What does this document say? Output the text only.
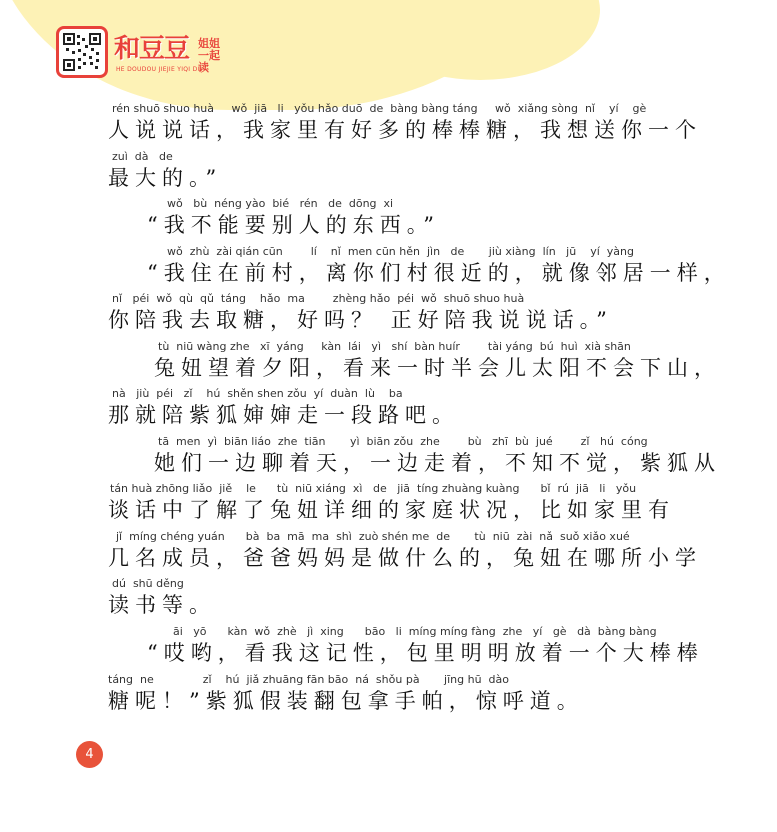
和豆豆 姐姐一起读
HE DOUDOU JIEJIE YIQI DU
rén shuō shuo huà     wǒ  jiā   li   yǒu hǎo duō  de  bàng bàng táng     wǒ  xiǎng sòng  nǐ    yí    gè
人说说话，我家里有好多的棒棒糖，我想送你一个
zuì  dà   de
最大的。”
wǒ   bù  néng yào  bié   rén   de  dōng  xi
“我不能要别人的东西。”
wǒ  zhù  zài qián cūn        lí    nǐ  men cūn hěn  jìn   de       jiù xiàng  lín   jū    yí  yàng
“我住在前村，离你们村很近的，就像邻居一样，
nǐ   péi  wǒ  qù  qǔ  táng    hǎo  ma        zhèng hǎo  péi  wǒ  shuō shuo huà
你陪我去取糖，好吗？ 正好陪我说说话。”
tù  niū wàng zhe   xī  yáng     kàn  lái   yì   shí  bàn huír        tài yáng  bú  huì  xià shān
兔妞望着夕阳，看来一时半会儿太阳不会下山，
nà   jiù  péi   zǐ    hú  shěn shen zǒu  yí  duàn  lù    ba
那就陪紫狐婶婶走一段路吧。
tā  men  yì  biān liáo  zhe  tiān       yì  biān zǒu  zhe        bù   zhī  bù  jué        zǐ   hú  cóng
她们一边聊着天，一边走着，不知不觉，紫狐从
tán huà zhōng liǎo  jiě    le      tù  niū xiáng  xì   de   jiā  tíng zhuàng kuàng      bǐ  rú  jiā   li   yǒu
谈话中了解了兔妞详细的家庭状况，比如家里有
jǐ  míng chéng yuán      bà  ba  mā  ma  shì  zuò shén me  de       tù  niū  zài  nǎ  suǒ xiǎo xué
几名成员，爸爸妈妈是做什么的，兔妞在哪所小学
dú  shū děng
读书等。
āi   yō      kàn  wǒ  zhè   jì  xing      bāo   li  míng míng fàng  zhe   yí   gè   dà  bàng bàng
“哎哟，看我这记性，包里明明放着一个大棒棒
táng  ne              zǐ    hú  jiǎ zhuāng fān bāo  ná  shǒu pà       jīng hū  dào
糖呢！”紫狐假装翻包拿手帕，惊呼道。
4
